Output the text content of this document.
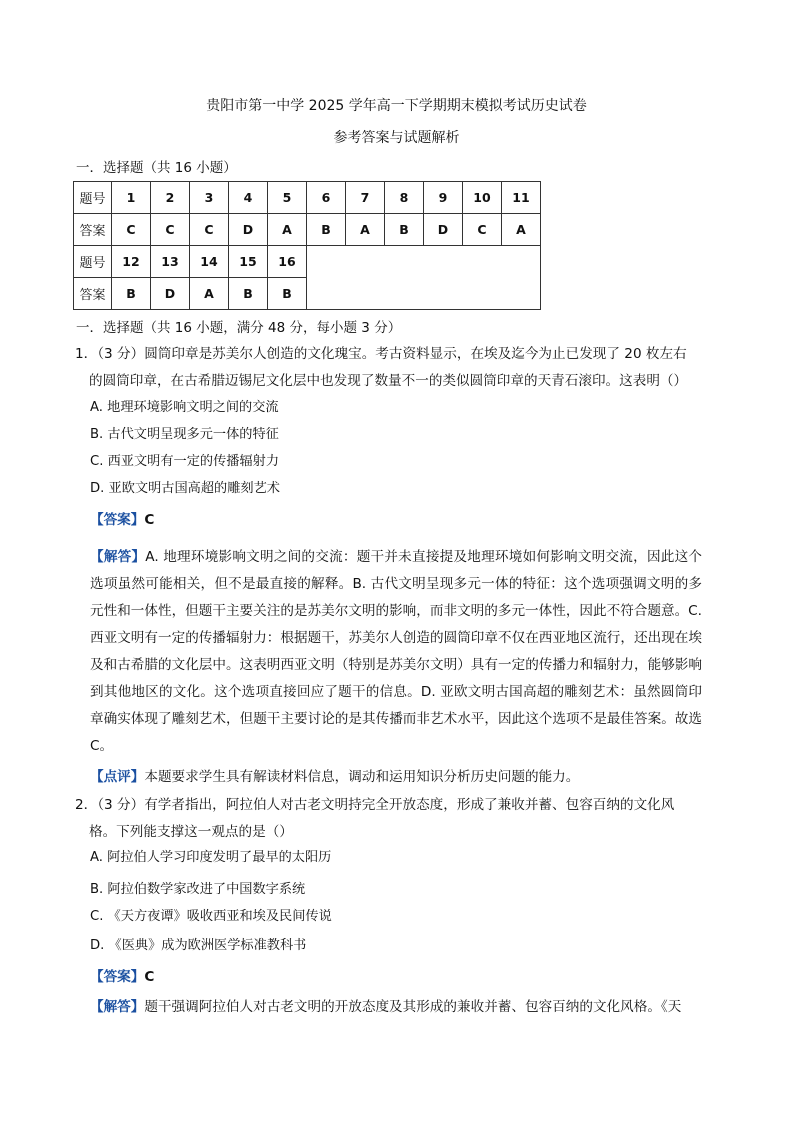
贵阳市第一中学 2025 学年高一下学期期末模拟考试历史试卷
参考答案与试题解析
一．选择题（共 16 小题）
题号	1	2	3	4	5	6	7	8	9	10	11
答案	C	C	C	D	A	B	A	B	D	C	A
题号	12	13	14	15	16						
答案	B	D	A	B	B						
一．选择题（共 16 小题，满分 48 分，每小题 3 分）
1．（3 分）圆筒印章是苏美尔人创造的文化瑰宝。考古资料显示，在埃及迄今为止已发现了 20 枚左右
的圆筒印章，在古希腊迈锡尼文化层中也发现了数量不一的类似圆筒印章的天青石滚印。这表明（）
A. 地理环境影响文明之间的交流
B. 古代文明呈现多元一体的特征
C. 西亚文明有一定的传播辐射力
D. 亚欧文明古国高超的雕刻艺术
【答案】C
【解答】A. 地理环境影响文明之间的交流：题干并未直接提及地理环境如何影响文明交流，因此这个选项虽然可能相关，但不是最直接的解释。B. 古代文明呈现多元一体的特征：这个选项强调文明的多元性和一体性，但题干主要关注的是苏美尔文明的影响，而非文明的多元一体性，因此不符合题意。C. 西亚文明有一定的传播辐射力：根据题干，苏美尔人创造的圆筒印章不仅在西亚地区流行，还出现在埃及和古希腊的文化层中。这表明西亚文明（特别是苏美尔文明）具有一定的传播力和辐射力，能够影响到其他地区的文化。这个选项直接回应了题干的信息。D. 亚欧文明古国高超的雕刻艺术：虽然圆筒印章确实体现了雕刻艺术，但题干主要讨论的是其传播而非艺术水平，因此这个选项不是最佳答案。故选 C。
【点评】本题要求学生具有解读材料信息，调动和运用知识分析历史问题的能力。
2．（3 分）有学者指出，阿拉伯人对古老文明持完全开放态度，形成了兼收并蓄、包容百纳的文化风
格。下列能支撑这一观点的是（）
A. 阿拉伯人学习印度发明了最早的太阳历
B. 阿拉伯数学家改进了中国数字系统
C. 《天方夜谭》吸收西亚和埃及民间传说
D. 《医典》成为欧洲医学标准教科书
【答案】C
【解答】题干强调阿拉伯人对古老文明的开放态度及其形成的兼收并蓄、包容百纳的文化风格。《天
